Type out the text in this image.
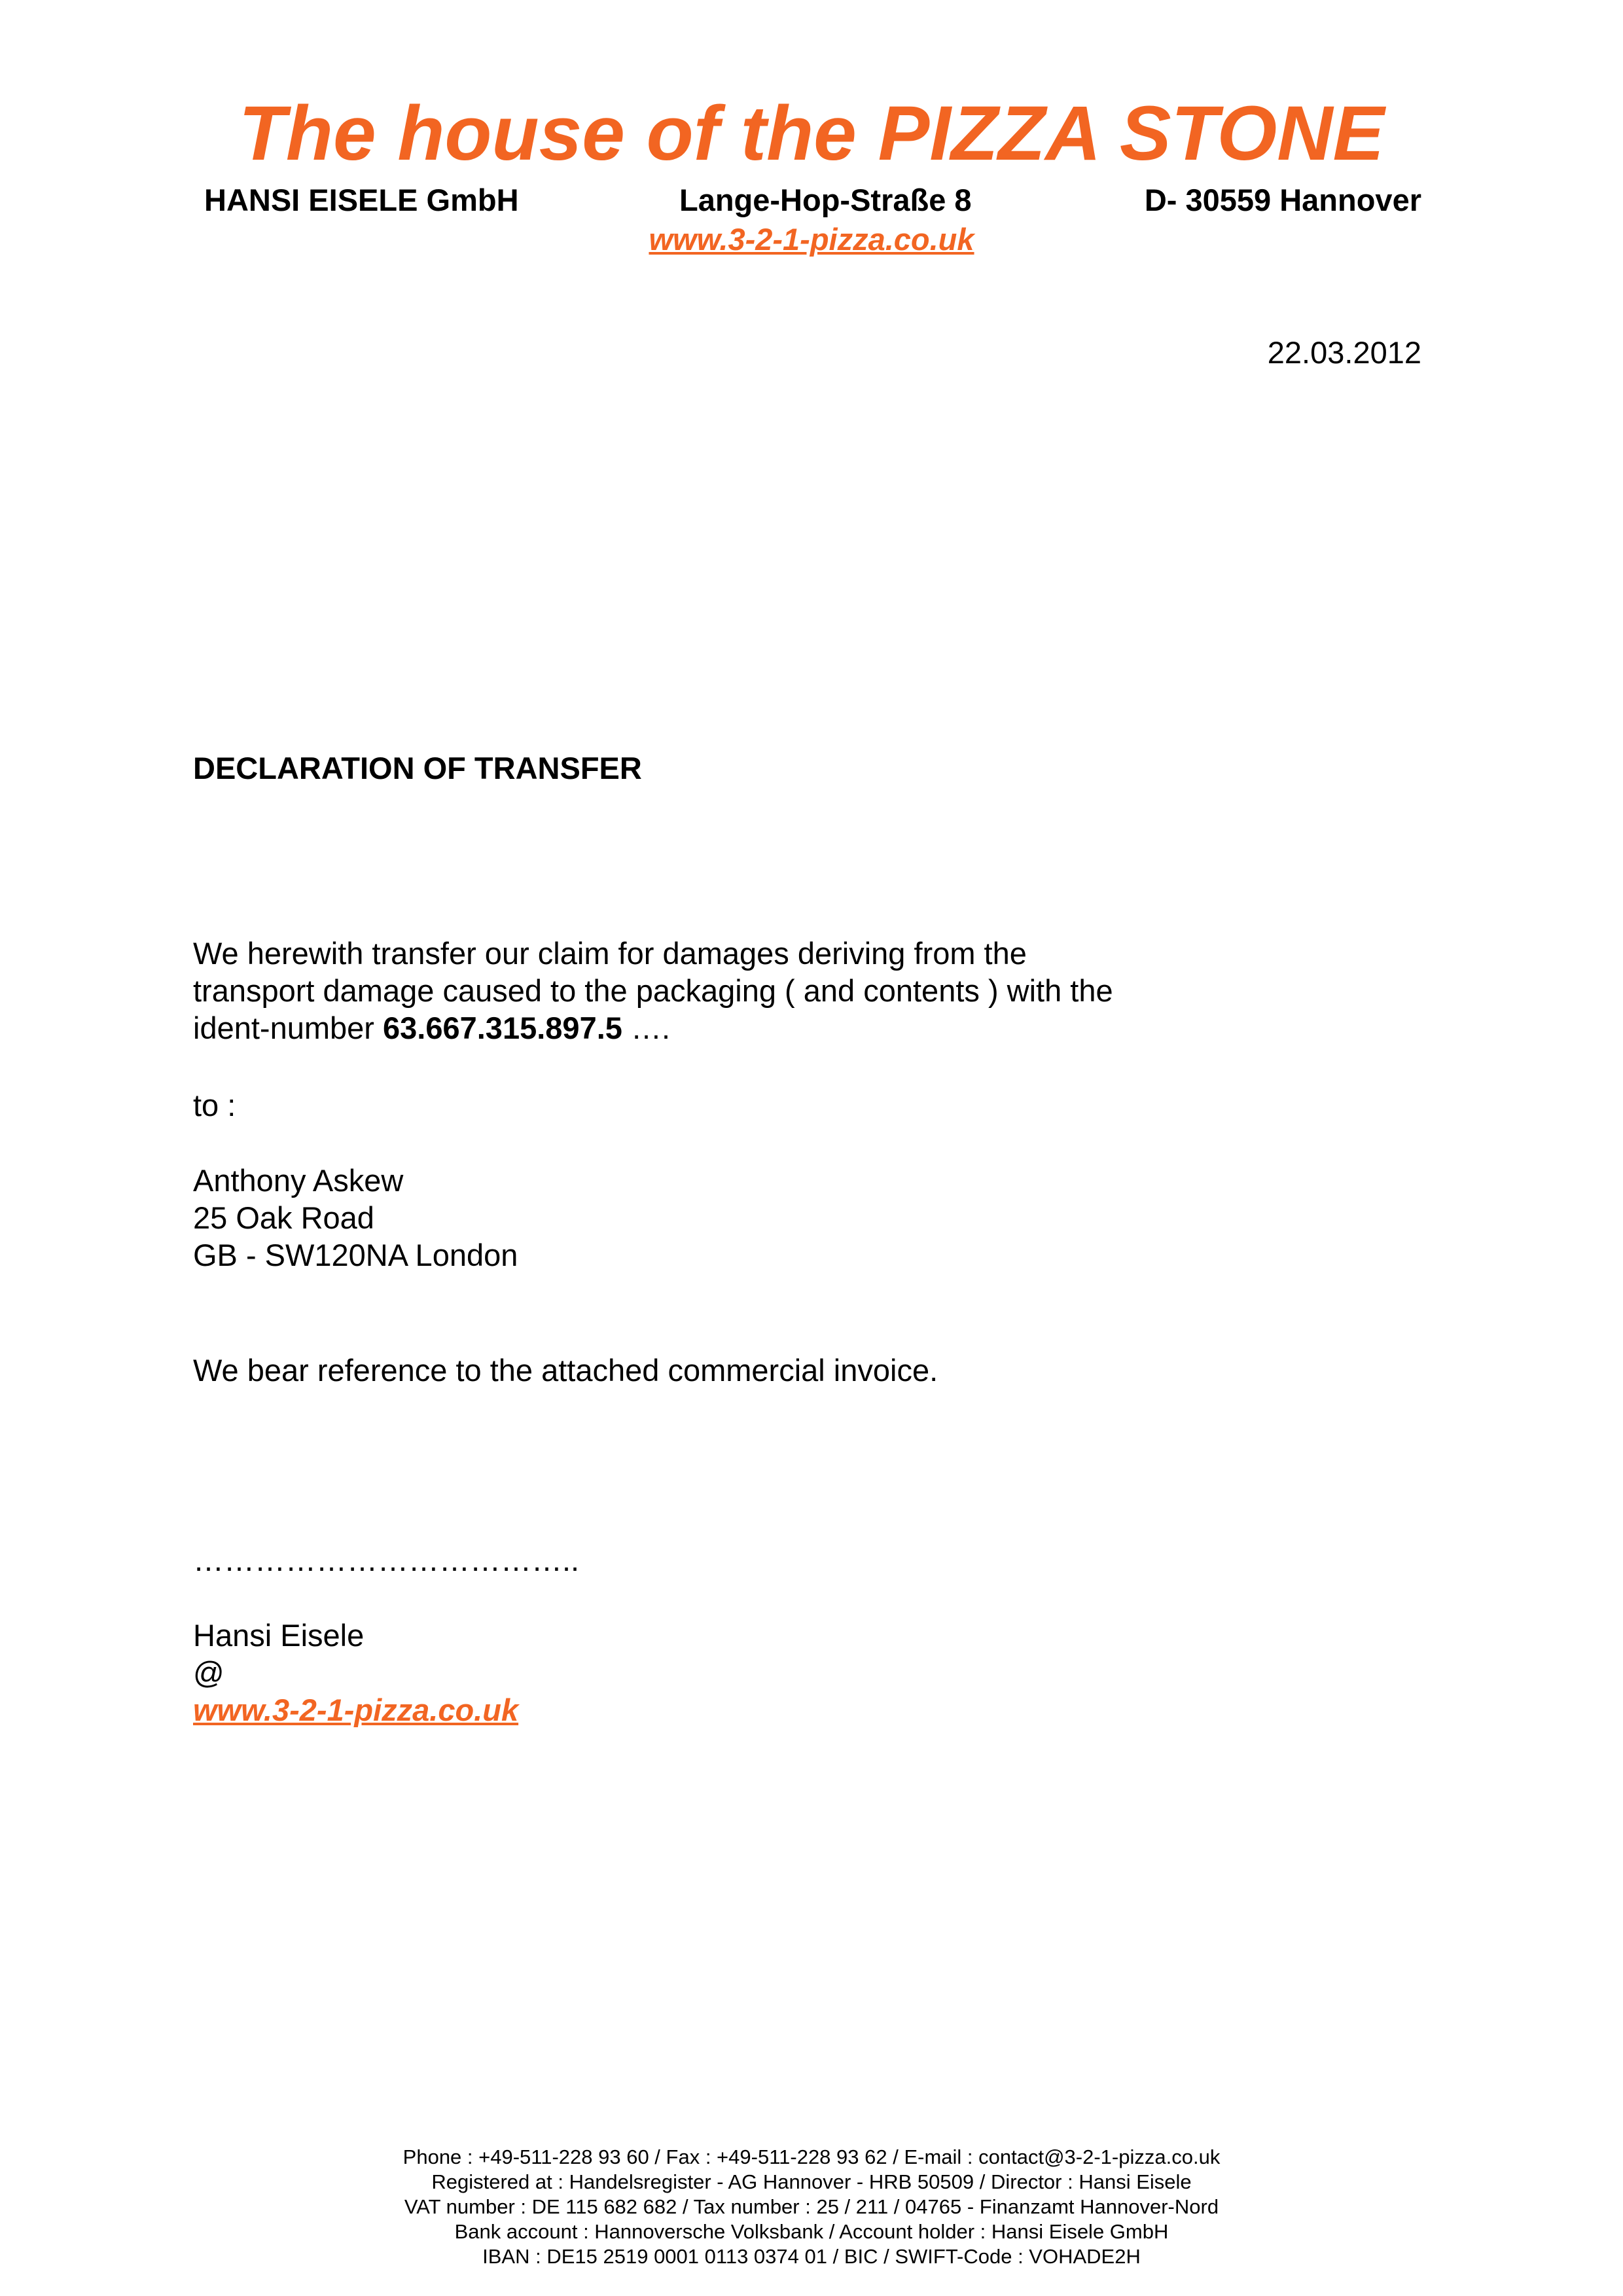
The house of the PIZZA STONE
HANSI EISELE GmbH	Lange-Hop-Straße 8	D- 30559 Hannover
www.3-2-1-pizza.co.uk
22.03.2012
DECLARATION OF TRANSFER
We herewith transfer our claim for damages deriving from the
transport damage caused to the packaging ( and contents ) with the
ident-number 63.667.315.897.5 ….
to :
Anthony Askew
25 Oak Road
GB - SW120NA London
We bear reference to the attached commercial invoice.
………………………………..
Hansi Eisele
@
www.3-2-1-pizza.co.uk
Phone : +49-511-228 93 60 / Fax : +49-511-228 93 62 / E-mail : contact@3-2-1-pizza.co.uk
Registered at : Handelsregister - AG Hannover - HRB 50509 / Director : Hansi Eisele
VAT number : DE 115 682 682 / Tax number : 25 / 211 / 04765 - Finanzamt Hannover-Nord
Bank account : Hannoversche Volksbank / Account holder : Hansi Eisele GmbH
IBAN : DE15 2519 0001 0113 0374 01 / BIC / SWIFT-Code : VOHADE2H
